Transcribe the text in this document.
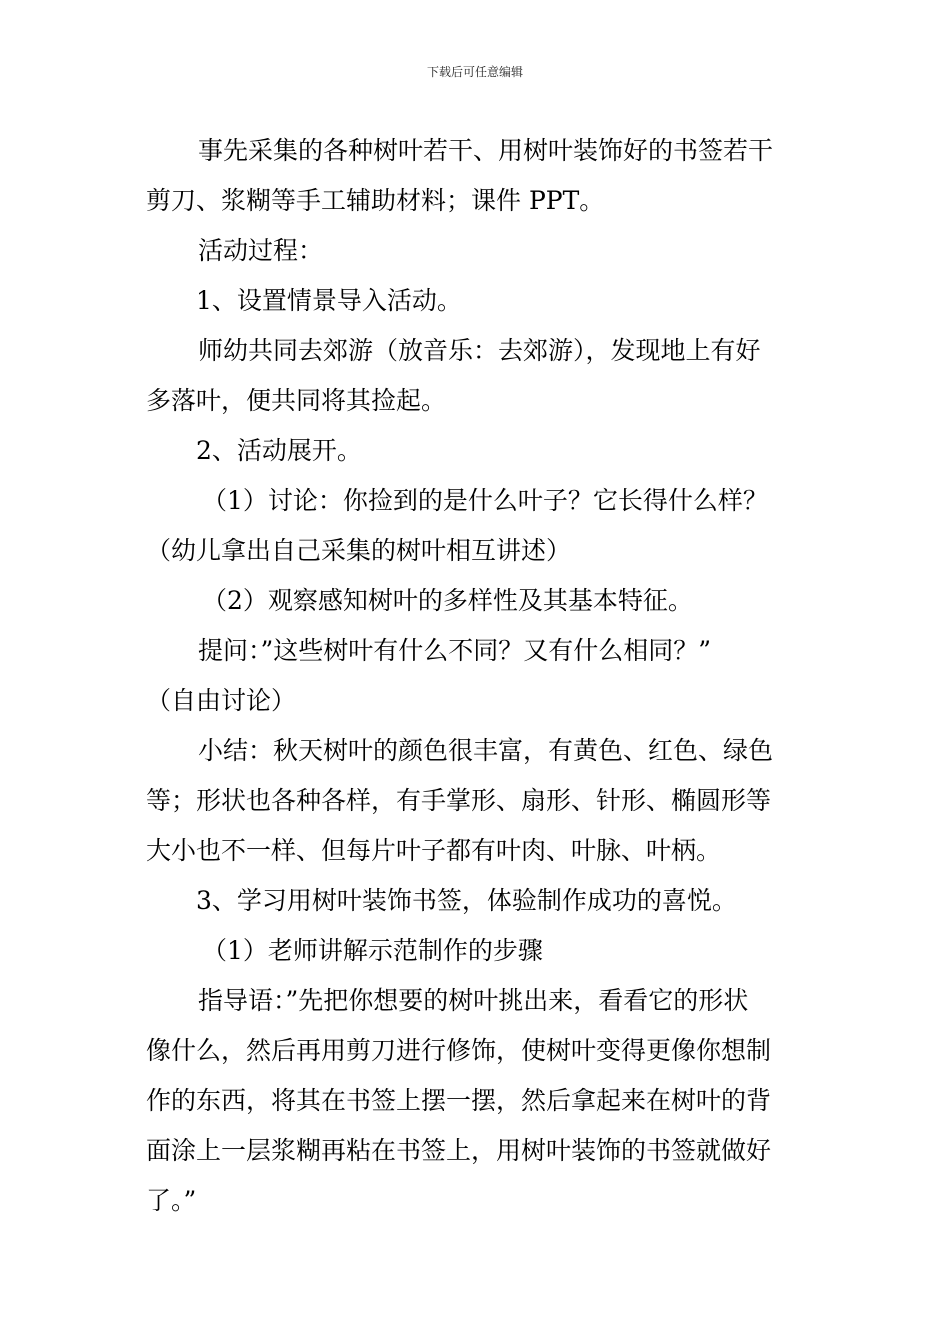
下载后可任意编辑
事先采集的各种树叶若干、用树叶装饰好的书签若干
剪刀、浆糊等手工辅助材料；课件 PPT。
活动过程：
1、设置情景导入活动。
师幼共同去郊游（放音乐：去郊游），发现地上有好
多落叶，便共同将其捡起。
2、活动展开。
（1）讨论：你捡到的是什么叶子？它长得什么样？
（幼儿拿出自己采集的树叶相互讲述）
（2）观察感知树叶的多样性及其基本特征。
提问：”这些树叶有什么不同？又有什么相同？”
（自由讨论）
小结：秋天树叶的颜色很丰富，有黄色、红色、绿色
等；形状也各种各样，有手掌形、扇形、针形、椭圆形等
大小也不一样、但每片叶子都有叶肉、叶脉、叶柄。
3、学习用树叶装饰书签，体验制作成功的喜悦。
（1）老师讲解示范制作的步骤
指导语：”先把你想要的树叶挑出来，看看它的形状
像什么，然后再用剪刀进行修饰，使树叶变得更像你想制
作的东西，将其在书签上摆一摆，然后拿起来在树叶的背
面涂上一层浆糊再粘在书签上，用树叶装饰的书签就做好
了。”
